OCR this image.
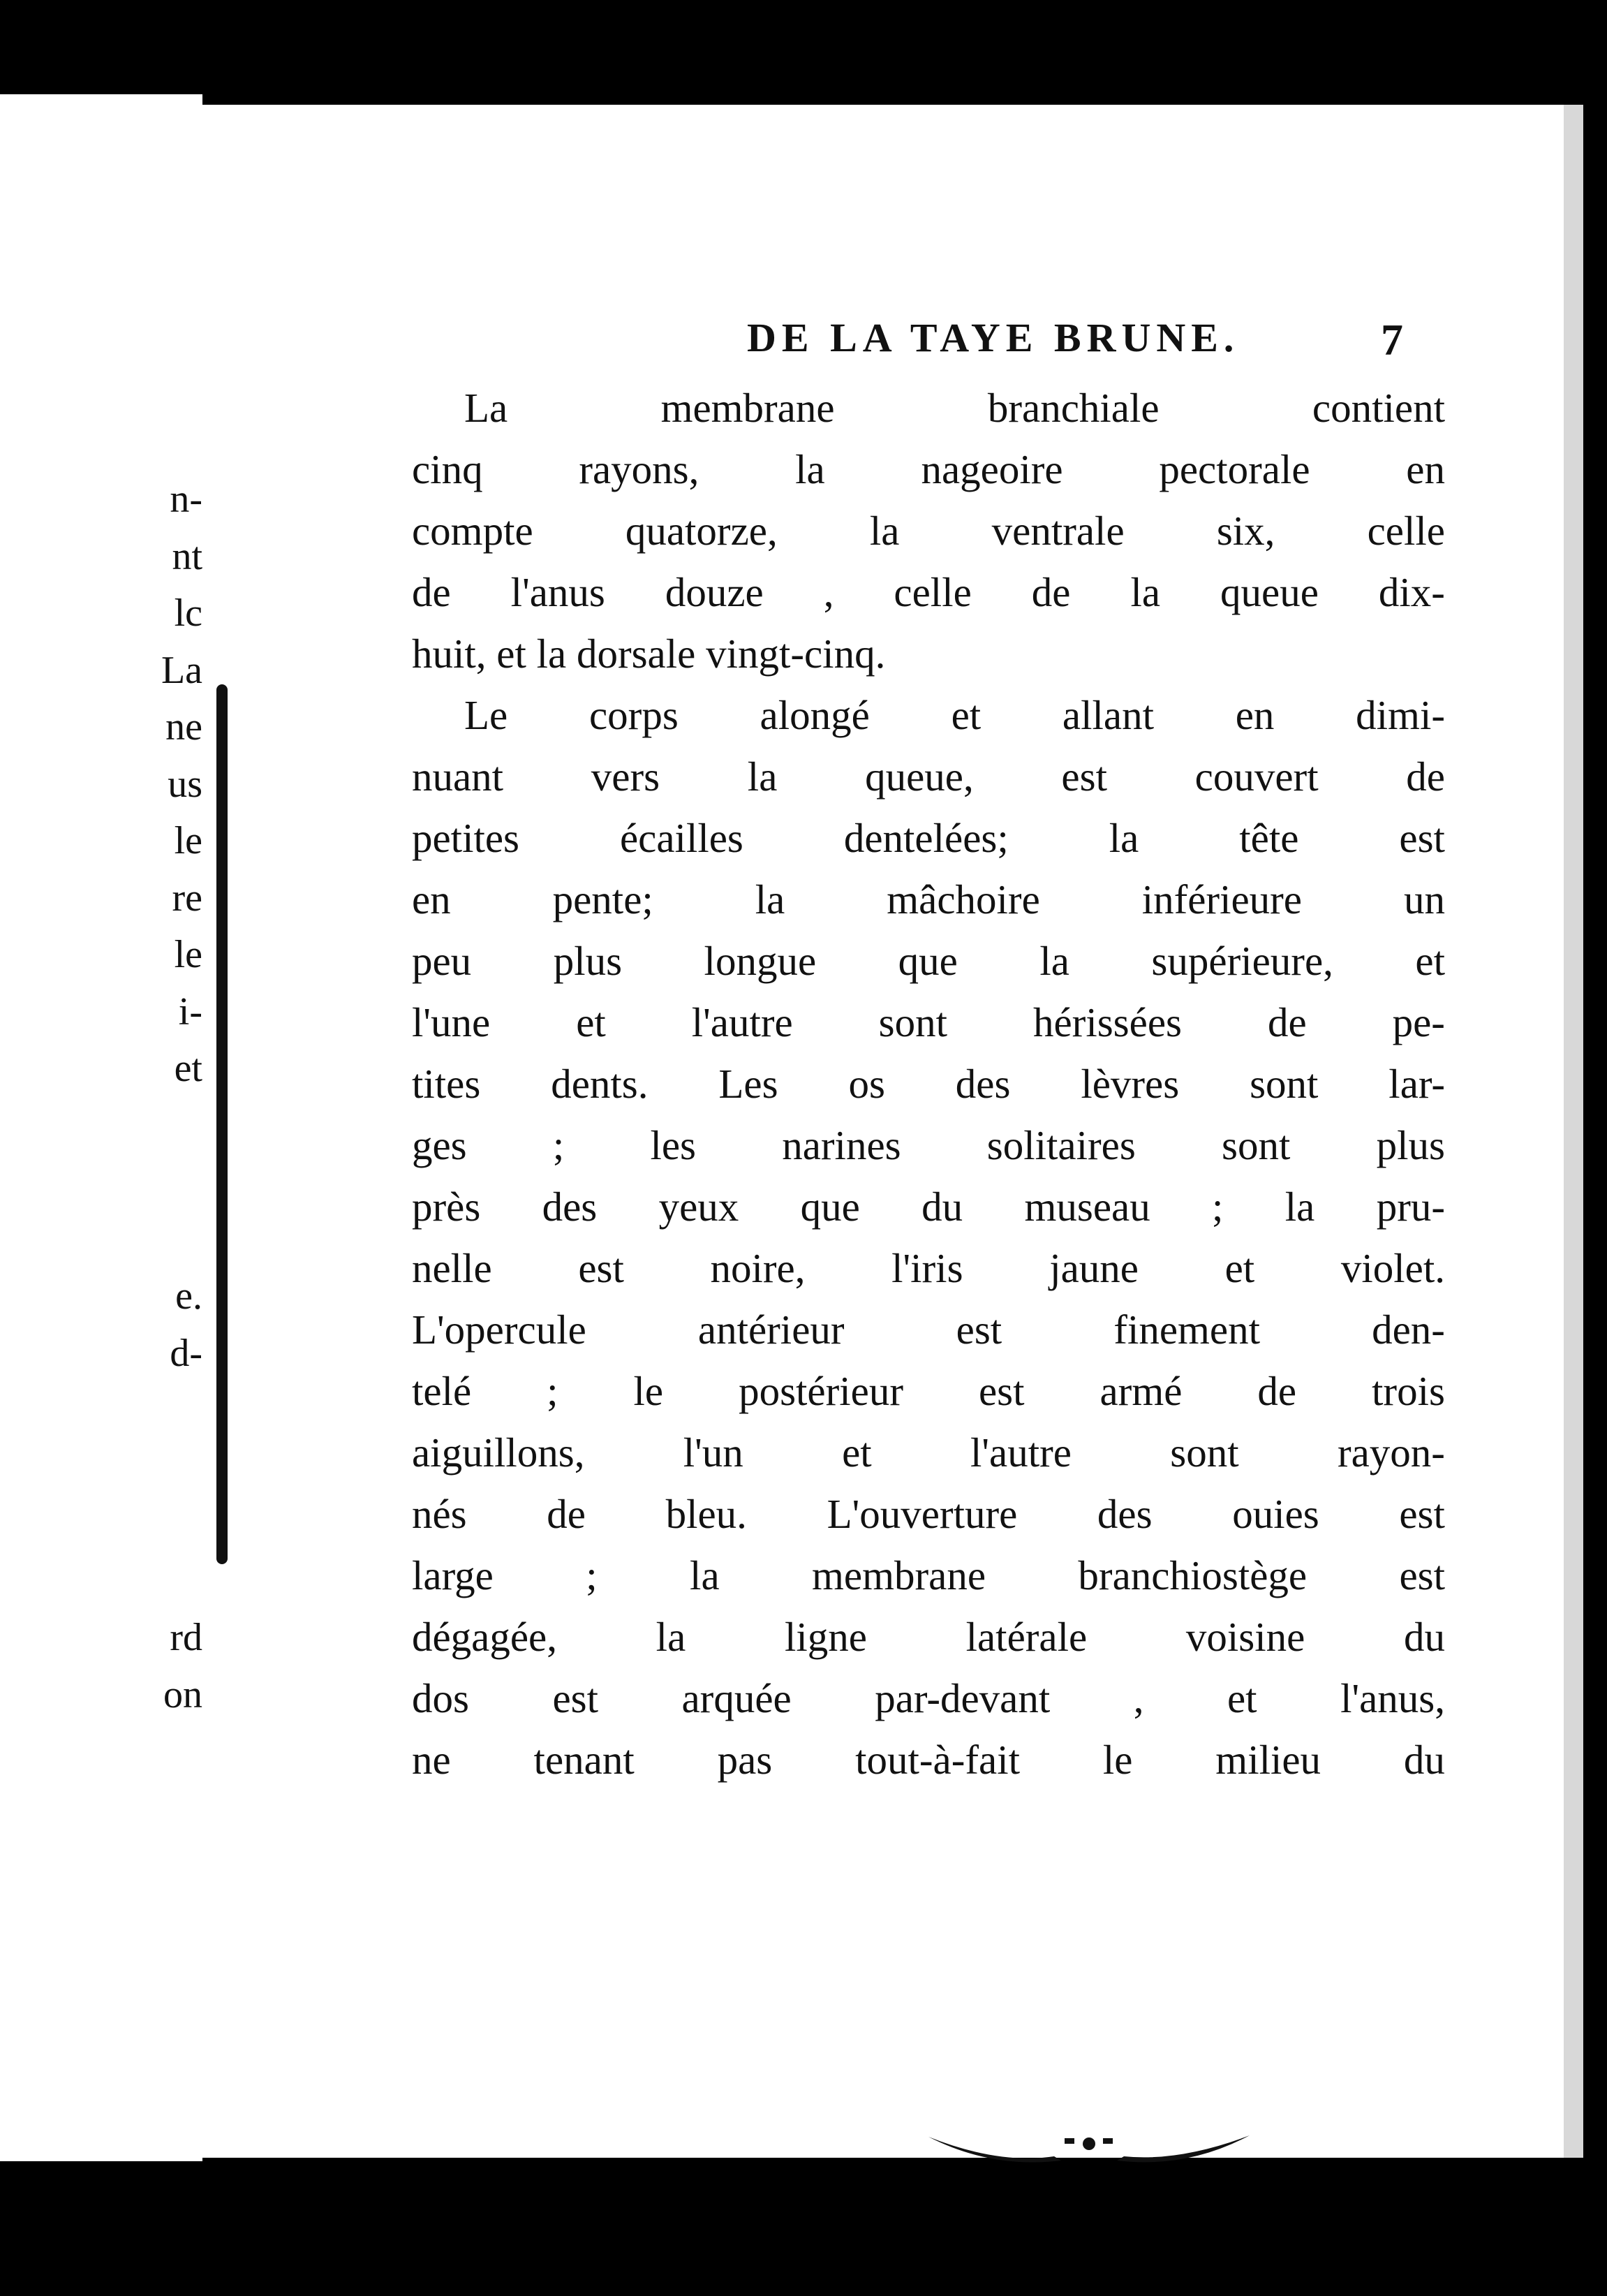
n-
nt
lc
La
ne
us
le
re
le
i-
et
e.
d-
rd
on
DE LA TAYE BRUNE.	7
La	membrane	branchiale	contient
cinq rayons, la nageoire pectorale en
compte quatorze, la ventrale six, celle
de l'anus douze , celle de la queue dix-
huit, et la dorsale vingt-cinq.
Le corps alongé et allant en dimi-
nuant vers la queue, est couvert de
petites écailles dentelées; la tête est
en pente; la mâchoire inférieure un
peu plus longue que la supérieure, et
l'une et l'autre sont hérissées de pe-
tites dents. Les os des lèvres sont lar-
ges ; les narines solitaires sont plus
près des yeux que du museau ; la pru-
nelle est noire, l'iris jaune et violet.
L'opercule	antérieur	est	finement	den-
telé ; le postérieur est armé de trois
aiguillons, l'un et l'autre sont rayon-
nés de bleu. L'ouverture des ouies est
large ; la membrane branchiostège est
dégagée, la ligne latérale voisine du
dos est arquée par-devant , et l'anus,
ne tenant pas tout-à-fait le milieu du
